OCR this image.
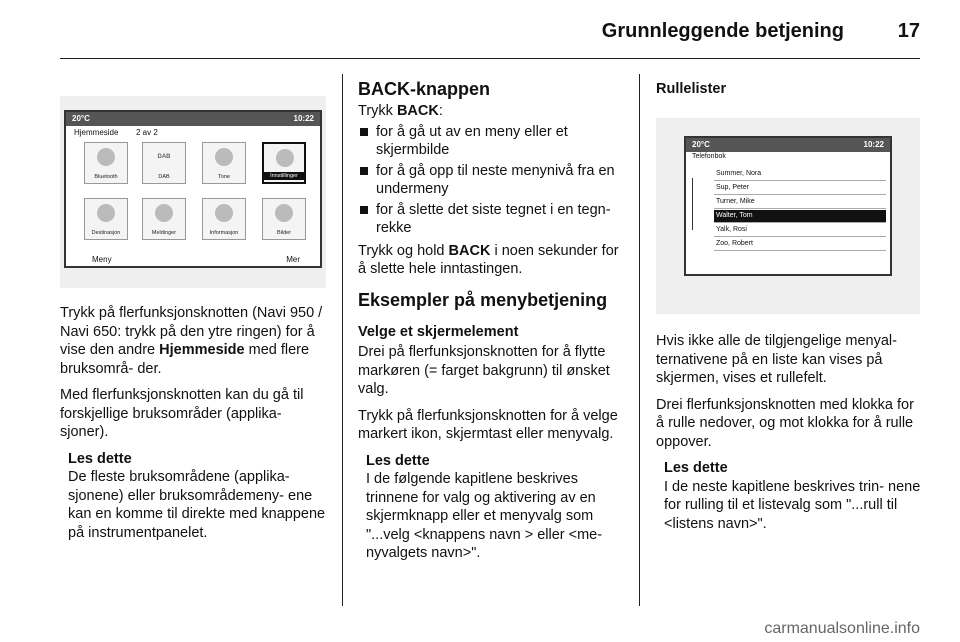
Grunnleggende betjening	17
20°C	10:22
Hjemmeside 2 av 2
Bluetooth
DAB
DAB	Tone	Innstillinger
Destinasjon	Meldinger	Informasjon	Bilder
Meny	Mer

Trykk på flerfunksjonsknotten (Navi 950 / Navi 650: trykk på den ytre ringen) for å vise den andre Hjemmeside med flere bruksområ- der.

Med flerfunksjonsknotten kan du gå til forskjellige bruksområder (applika- sjoner).

Les dette
De fleste bruksområdene (applika- sjonene) eller bruksområdemeny- ene kan en komme til direkte med knappene på instrumentpanelet.
BACK-knappen

Trykk BACK:

for å gå ut av en meny eller et skjermbilde
for å gå opp til neste menynivå fra en undermeny
for å slette det siste tegnet i en tegn- rekke

Trykk og hold BACK i noen sekunder for å slette hele inntastingen.

Eksempler på menybetjening
Velge et skjermelement

Drei på flerfunksjonsknotten for å flytte markøren (= farget bakgrunn) til ønsket valg.

Trykk på flerfunksjonsknotten for å velge markert ikon, skjermtast eller menyvalg.

Les dette
I de følgende kapitlene beskrives trinnene for valg og aktivering av en skjermknapp eller et menyvalg som "...velg <knappens navn > eller <me- nyvalgets navn>".
Rullelister
20°C	10:22
Telefonbok
Summer, Nora
Sup, Peter
Turner, Mike
Walter, Tom
Yalk, Rosi
Zoo, Robert

Hvis ikke alle de tilgjengelige menyal- ternativene på en liste kan vises på skjermen, vises et rullefelt.

Drei flerfunksjonsknotten med klokka for å rulle nedover, og mot klokka for å rulle oppover.

Les dette
I de neste kapitlene beskrives trin- nene for rulling til et listevalg som "...rull til <listens navn>".
carmanualsonline.info
